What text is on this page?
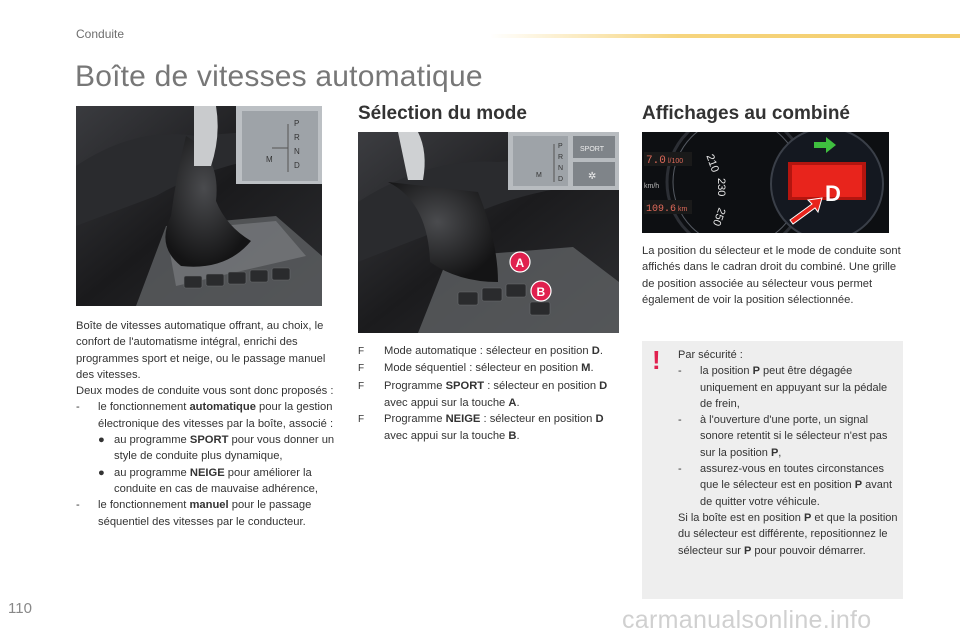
Conduite
Boîte de vitesses automatique
P
R
N
D
M

Boîte de vitesses automatique offrant, au choix, le confort de l'automatisme intégral, enrichi des programmes sport et neige, ou le passage manuel des vitesses.

Deux modes de conduite vous sont donc proposés :

- le fonctionnement automatique pour la gestion électronique des vitesses par la boîte, associé :

● au programme SPORT pour vous donner un style de conduite plus dynamique,

● au programme NEIGE pour améliorer la conduite en cas de mauvaise adhérence,

- le fonctionnement manuel pour le passage séquentiel des vitesses par le conducteur.

Sélection du mode
SPORT
✲
P
R
N
D
M
A
B

F Mode automatique : sélecteur en position D.

F Mode séquentiel : sélecteur en position M.

F Programme SPORT : sélecteur en position D avec appui sur la touche A.

F Programme NEIGE : sélecteur en position D avec appui sur la touche B.

Affichages au combiné
210
230
250
7.0 l/100
km/h
109.6 km
D
La position du sélecteur et le mode de conduite sont affichés dans le cadran droit du combiné. Une grille de position associée au sélecteur vous permet également de voir la position sélectionnée.
! Par sécurité :

- la position P peut être dégagée uniquement en appuyant sur la pédale de frein,

- à l'ouverture d'une porte, un signal sonore retentit si le sélecteur n'est pas sur la position P,

- assurez-vous en toutes circonstances que le sélecteur est en position P avant de quitter votre véhicule.

Si la boîte est en position P et que la position du sélecteur est différente, repositionnez le sélecteur sur P pour pouvoir démarrer.

110	carmanualsonline.info
